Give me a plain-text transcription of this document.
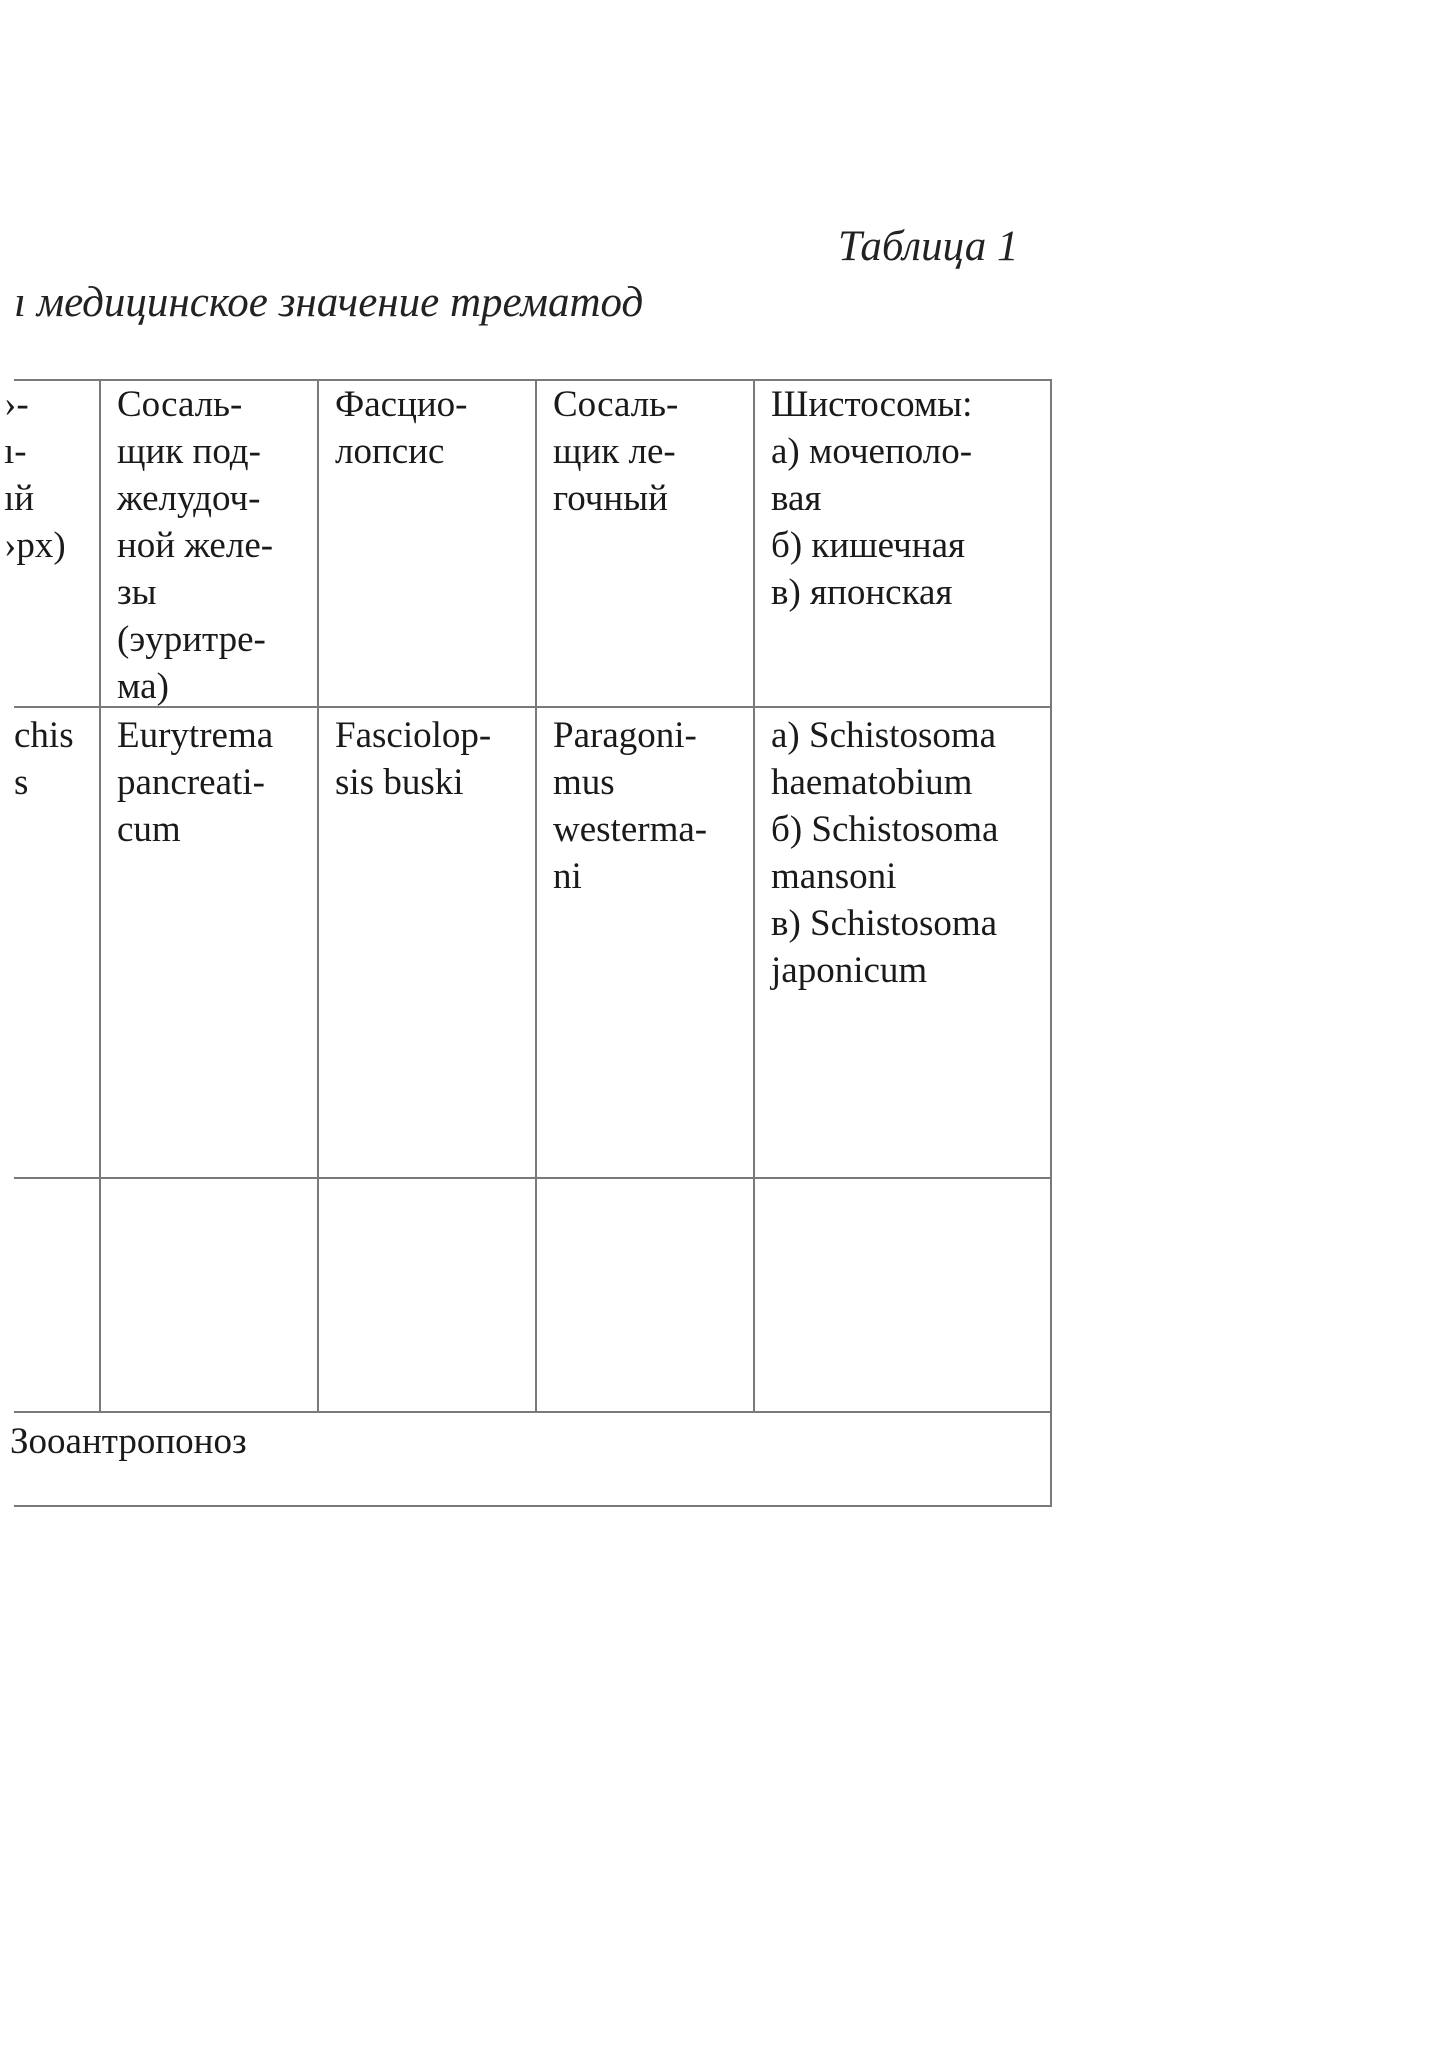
Таблица 1
ı медицинское значение трематод
›-
ı-
ıй
›рх)
Сосаль-
щик под-
желудоч-
ной желе-
зы
(эуритре-
ма)
Фасцио-
лопсис
Сосаль-
щик ле-
гочный
Шистосомы:
а) мочеполо-
вая
б) кишечная
в) японская
chis
s
Eurytrema
pancreati-
cum
Fasciolop-
sis buski
Paragoni-
mus
westerma-
ni
а) Schistosoma
haematobium
б) Schistosoma
mansoni
в) Schistosoma
japonicum
Зооантропоноз
